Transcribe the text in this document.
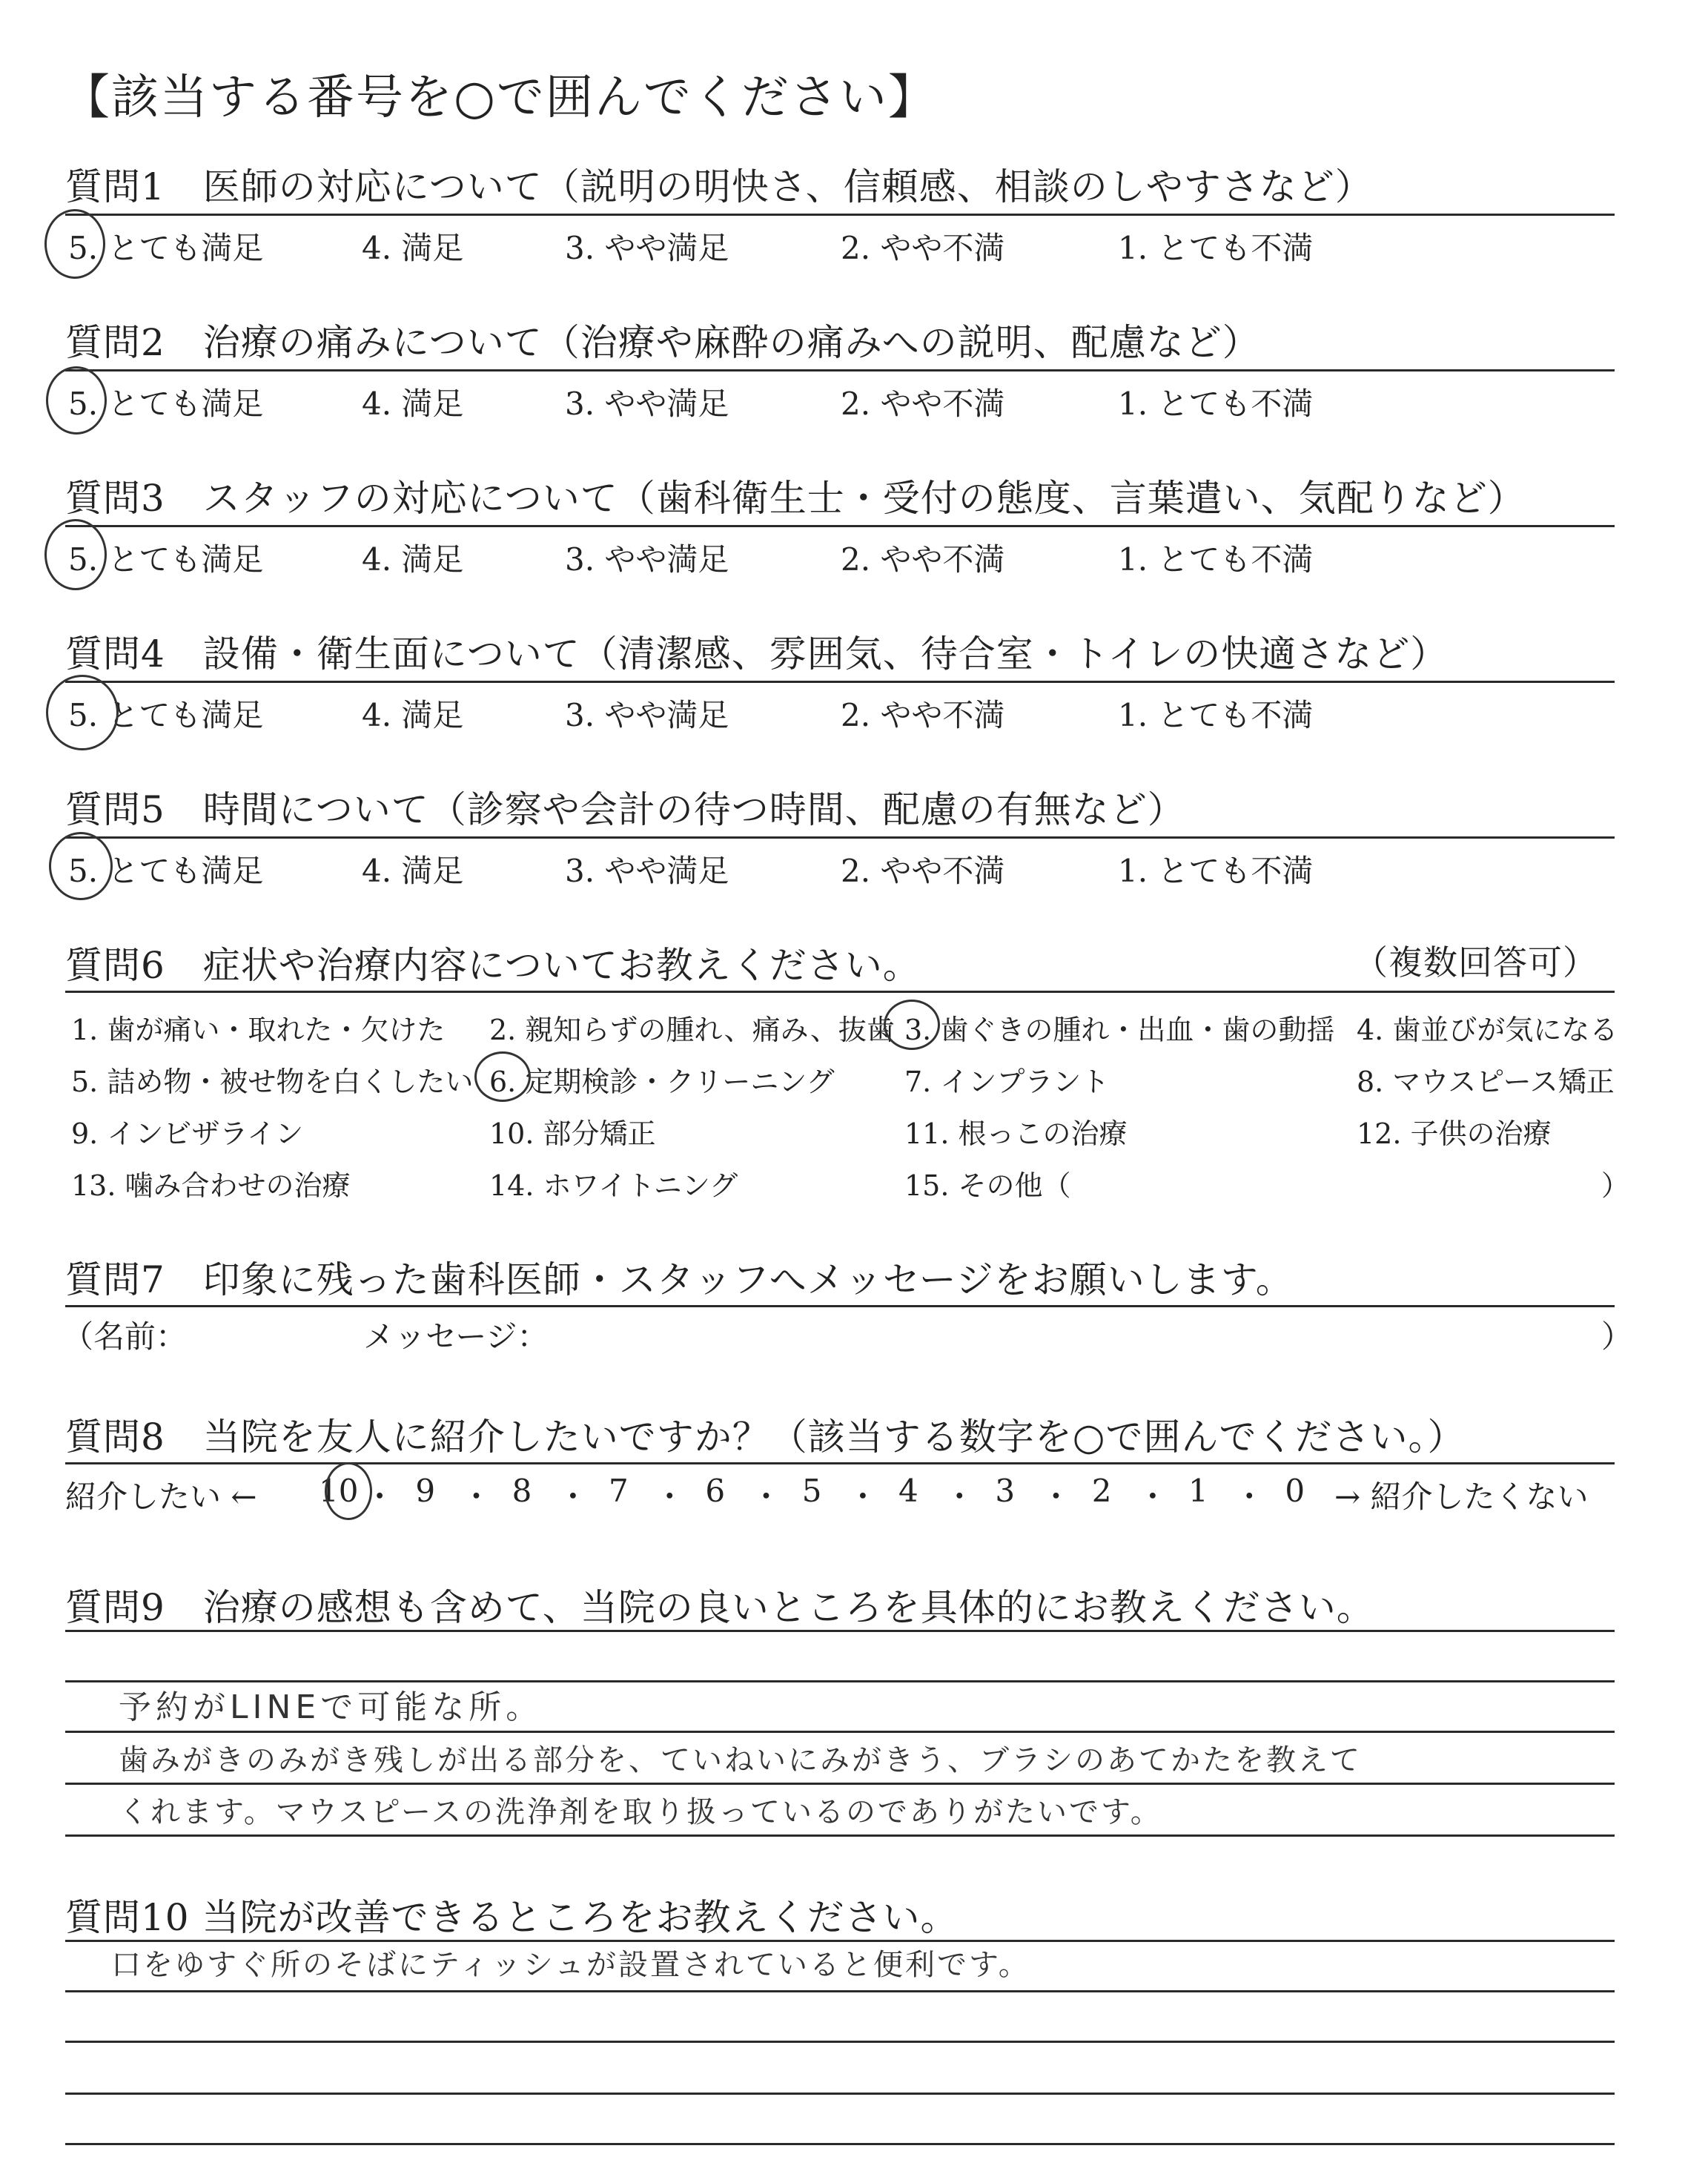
【該当する番号を○で囲んでください】
質問1　医師の対応について（説明の明快さ、信頼感、相談のしやすさなど）
5. とても満足	4. 満足	3. やや満足	2. やや不満	1. とても不満
質問2　治療の痛みについて（治療や麻酔の痛みへの説明、配慮など）
5. とても満足	4. 満足	3. やや満足	2. やや不満	1. とても不満
質問3　スタッフの対応について（歯科衛生士・受付の態度、言葉遣い、気配りなど）
5. とても満足	4. 満足	3. やや満足	2. やや不満	1. とても不満
質問4　設備・衛生面について（清潔感、雰囲気、待合室・トイレの快適さなど）
5. とても満足	4. 満足	3. やや満足	2. やや不満	1. とても不満
質問5　時間について（診察や会計の待つ時間、配慮の有無など）
5. とても満足	4. 満足	3. やや満足	2. やや不満	1. とても不満
質問6　症状や治療内容についてお教えください。	（複数回答可）
1. 歯が痛い・取れた・欠けた 2. 親知らずの腫れ、痛み、抜歯 3. 歯ぐきの腫れ・出血・歯の動揺 4. 歯並びが気になる
5. 詰め物・被せ物を白くしたい 6. 定期検診・クリーニング 7. インプラント	8. マウスピース矯正
9. インビザライン	10. 部分矯正	11. 根っこの治療	12. 子供の治療
13. 噛み合わせの治療	14. ホワイトニング	15. その他（	）
質問7　印象に残った歯科医師・スタッフへメッセージをお願いします。
（名前：	メッセージ：	）
質問8　当院を友人に紹介したいですか？（該当する数字を○で囲んでください。）
紹介したい ← 10 ・ 9 ・ 8 ・ 7 ・ 6 ・ 5 ・ 4 ・ 3 ・ 2 ・ 1 ・ 0 → 紹介したくない
質問9　治療の感想も含めて、当院の良いところを具体的にお教えください。
予約がLINEで可能な所。
歯みがきのみがき残しが出る部分を、ていねいにみがきう、ブラシのあてかたを教えて
くれます。マウスピースの洗浄剤を取り扱っているのでありがたいです。
質問10 当院が改善できるところをお教えください。
口をゆすぐ所のそばにティッシュが設置されていると便利です。
